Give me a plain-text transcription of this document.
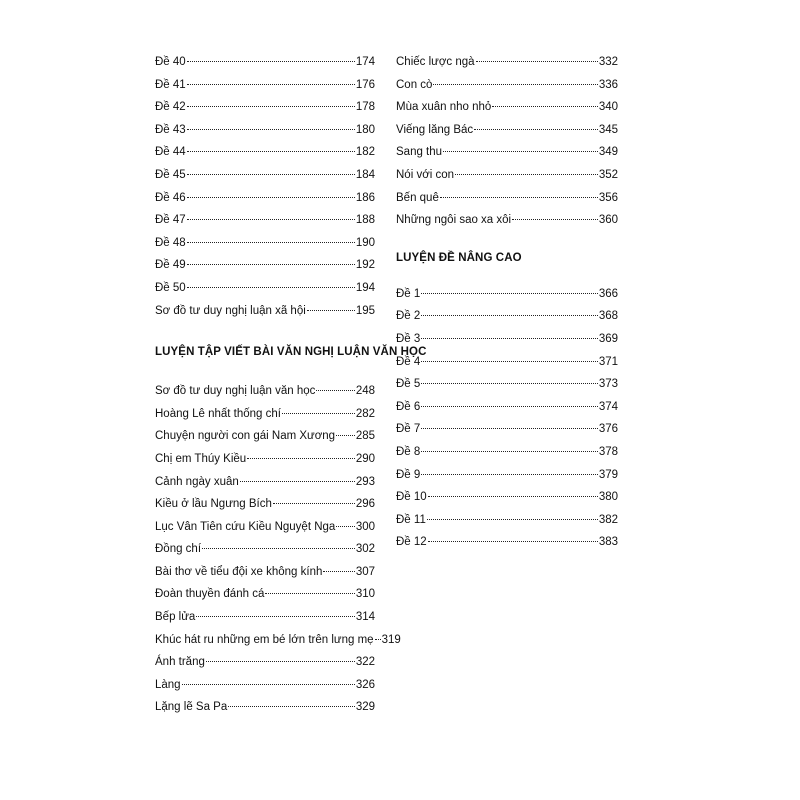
Đề 40	174
Đề 41	176
Đề 42	178
Đề 43	180
Đề 44	182
Đề 45	184
Đề 46	186
Đề 47	188
Đề 48	190
Đề 49	192
Đề 50	194
Sơ đồ tư duy nghị luận xã hội	195
LUYỆN TẬP VIẾT BÀI VĂN NGHỊ LUẬN VĂN HỌC
Sơ đồ tư duy nghị luận văn học	248
Hoàng Lê nhất thống chí	282
Chuyện người con gái Nam Xương 285
Chị em Thúy Kiều	290
Cảnh ngày xuân	293
Kiều ở lầu Ngưng Bích	296
Lục Vân Tiên cứu Kiều Nguyệt Nga 300
Đồng chí	302
Bài thơ về tiểu đội xe không kính	307
Đoàn thuyền đánh cá	310
Bếp lửa	314
Khúc hát ru những em bé lớn trên lưng mẹ 319
Ánh trăng	322
Làng	326
Lặng lẽ Sa Pa	329
Chiếc lược ngà	332
Con cò	336
Mùa xuân nho nhỏ	340
Viếng lăng Bác	345
Sang thu	349
Nói với con	352
Bến quê	356
Những ngôi sao xa xôi	360
LUYỆN ĐỀ NÂNG CAO
Đề 1	366
Đề 2	368
Đề 3	369
Đề 4	371
Đề 5	373
Đề 6	374
Đề 7	376
Đề 8	378
Đề 9	379
Đề 10	380
Đề 11	382
Đề 12	383
